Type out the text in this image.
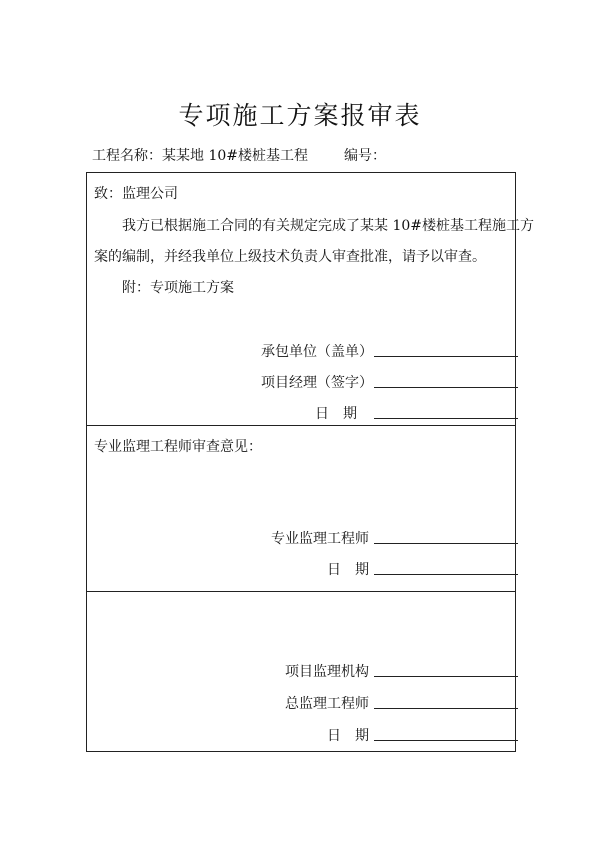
专项施工方案报审表
工程名称：某某地 10#楼桩基工程	编号：
致：监理公司
我方已根据施工合同的有关规定完成了某某 10#楼桩基工程施工方
案的编制，并经我单位上级技术负责人审查批准，请予以审查。
附：专项施工方案
承包单位（盖单）
项目经理（签字）
日　期
专业监理工程师审查意见：
专业监理工程师
日　期
项目监理机构
总监理工程师
日　期
